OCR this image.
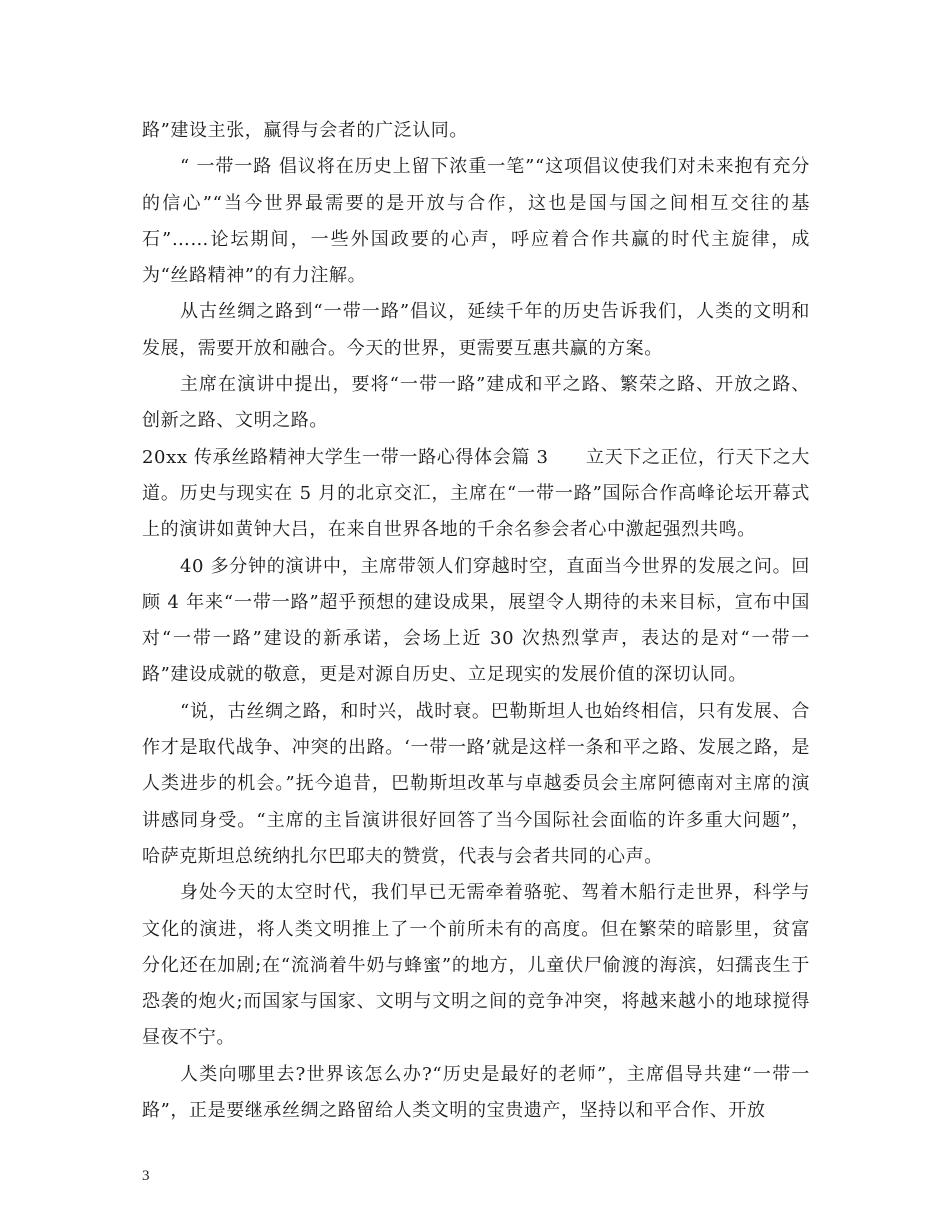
路”建设主张，赢得与会者的广泛认同。

“ 一带一路 倡议将在历史上留下浓重一笔”“这项倡议使我们对未来抱有充分的信心”“当今世界最需要的是开放与合作，这也是国与国之间相互交往的基石”……论坛期间，一些外国政要的心声，呼应着合作共赢的时代主旋律，成为“丝路精神”的有力注解。

从古丝绸之路到“一带一路”倡议，延续千年的历史告诉我们，人类的文明和发展，需要开放和融合。今天的世界，更需要互惠共赢的方案。

主席在演讲中提出，要将“一带一路”建成和平之路、繁荣之路、开放之路、创新之路、文明之路。

20xx 传承丝路精神大学生一带一路心得体会篇 3　　立天下之正位，行天下之大道。历史与现实在 5 月的北京交汇，主席在“一带一路”国际合作高峰论坛开幕式上的演讲如黄钟大吕，在来自世界各地的千余名参会者心中激起强烈共鸣。

40 多分钟的演讲中，主席带领人们穿越时空，直面当今世界的发展之问。回顾 4 年来“一带一路”超乎预想的建设成果，展望令人期待的未来目标，宣布中国对“一带一路”建设的新承诺，会场上近 30 次热烈掌声，表达的是对“一带一路”建设成就的敬意，更是对源自历史、立足现实的发展价值的深切认同。

“说，古丝绸之路，和时兴，战时衰。巴勒斯坦人也始终相信，只有发展、合作才是取代战争、冲突的出路。‘一带一路’就是这样一条和平之路、发展之路，是人类进步的机会。”抚今追昔，巴勒斯坦改革与卓越委员会主席阿德南对主席的演讲感同身受。“主席的主旨演讲很好回答了当今国际社会面临的许多重大问题”，哈萨克斯坦总统纳扎尔巴耶夫的赞赏，代表与会者共同的心声。

身处今天的太空时代，我们早已无需牵着骆驼、驾着木船行走世界，科学与文化的演进，将人类文明推上了一个前所未有的高度。但在繁荣的暗影里，贫富分化还在加剧;在“流淌着牛奶与蜂蜜”的地方，儿童伏尸偷渡的海滨，妇孺丧生于恐袭的炮火;而国家与国家、文明与文明之间的竞争冲突，将越来越小的地球搅得昼夜不宁。

人类向哪里去?世界该怎么办?“历史是最好的老师”，主席倡导共建“一带一路”，正是要继承丝绸之路留给人类文明的宝贵遗产，坚持以和平合作、开放

3
